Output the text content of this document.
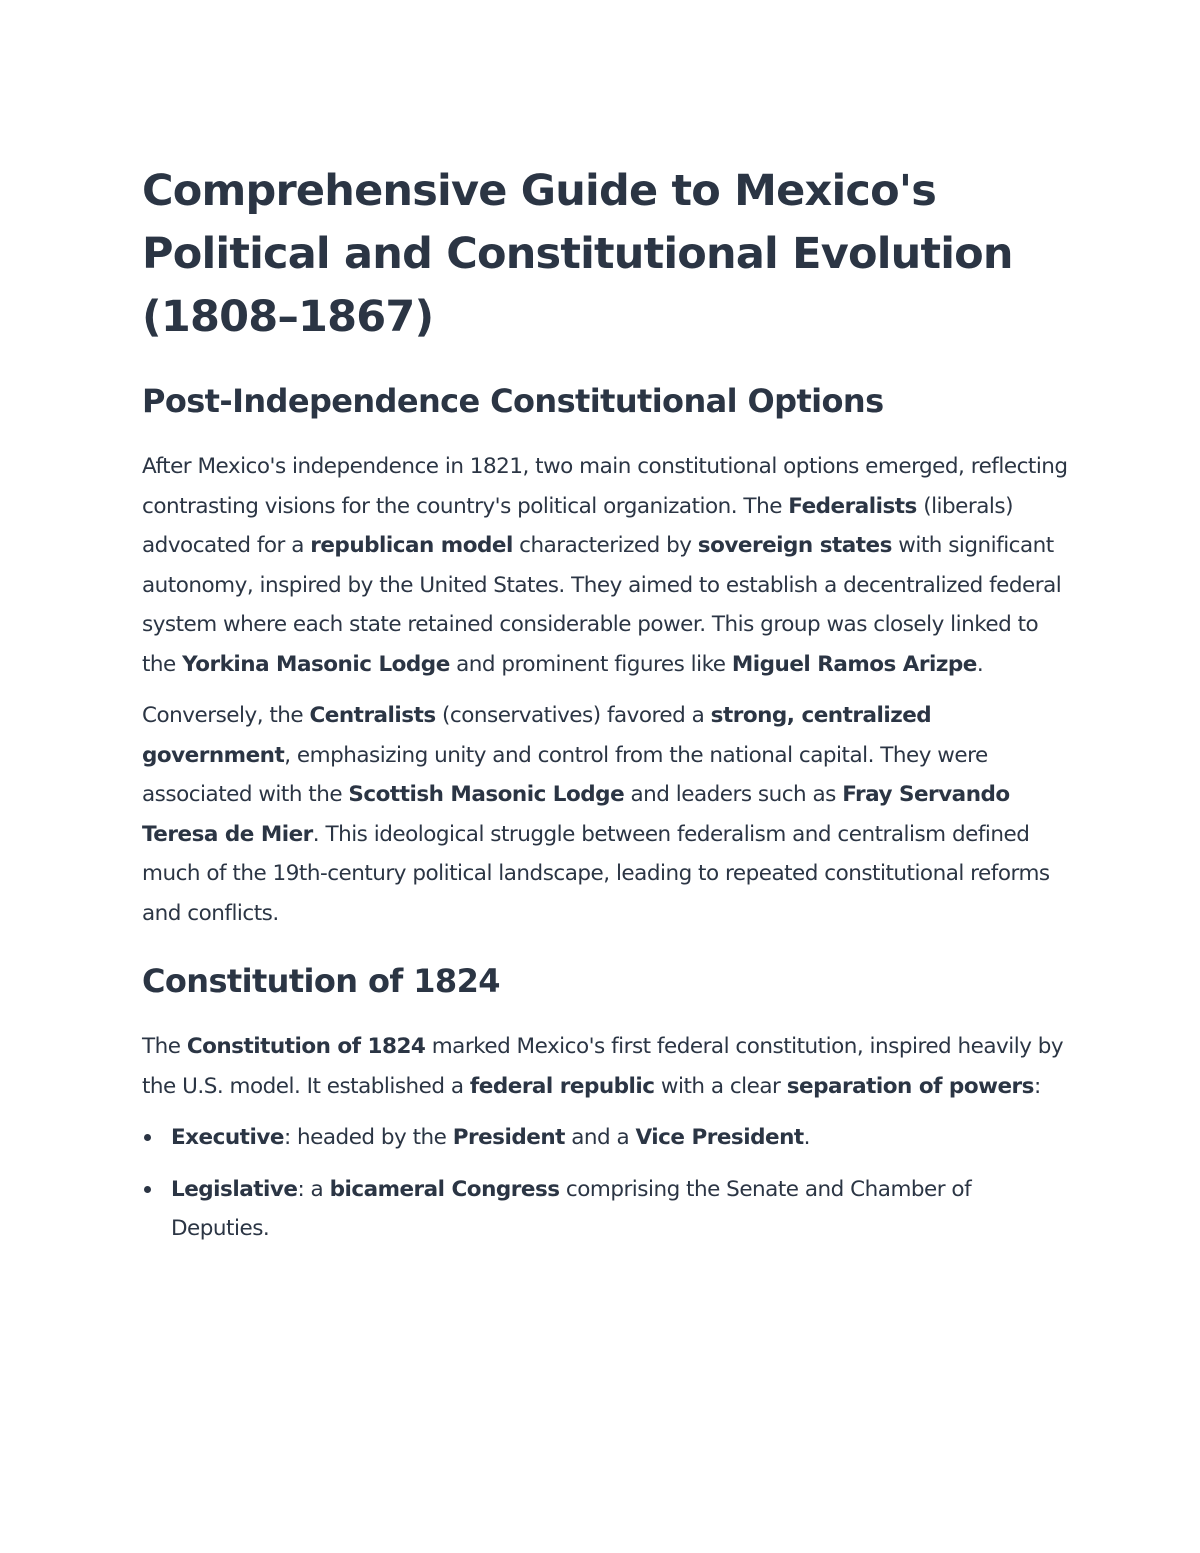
Comprehensive Guide to Mexico's Political and Constitutional Evolution (1808–1867)
Post-Independence Constitutional Options

After Mexico's independence in 1821, two main constitutional options emerged, reflecting contrasting visions for the country's political organization. The Federalists (liberals) advocated for a republican model characterized by sovereign states with significant autonomy, inspired by the United States. They aimed to establish a decentralized federal system where each state retained considerable power. This group was closely linked to the Yorkina Masonic Lodge and prominent figures like Miguel Ramos Arizpe.

Conversely, the Centralists (conservatives) favored a strong, centralized government, emphasizing unity and control from the national capital. They were associated with the Scottish Masonic Lodge and leaders such as Fray Servando Teresa de Mier. This ideological struggle between federalism and centralism defined much of the 19th-century political landscape, leading to repeated constitutional reforms and conflicts.

Constitution of 1824

The Constitution of 1824 marked Mexico's first federal constitution, inspired heavily by the U.S. model. It established a federal republic with a clear separation of powers:

Executive: headed by the President and a Vice President.
Legislative: a bicameral Congress comprising the Senate and Chamber of Deputies.
